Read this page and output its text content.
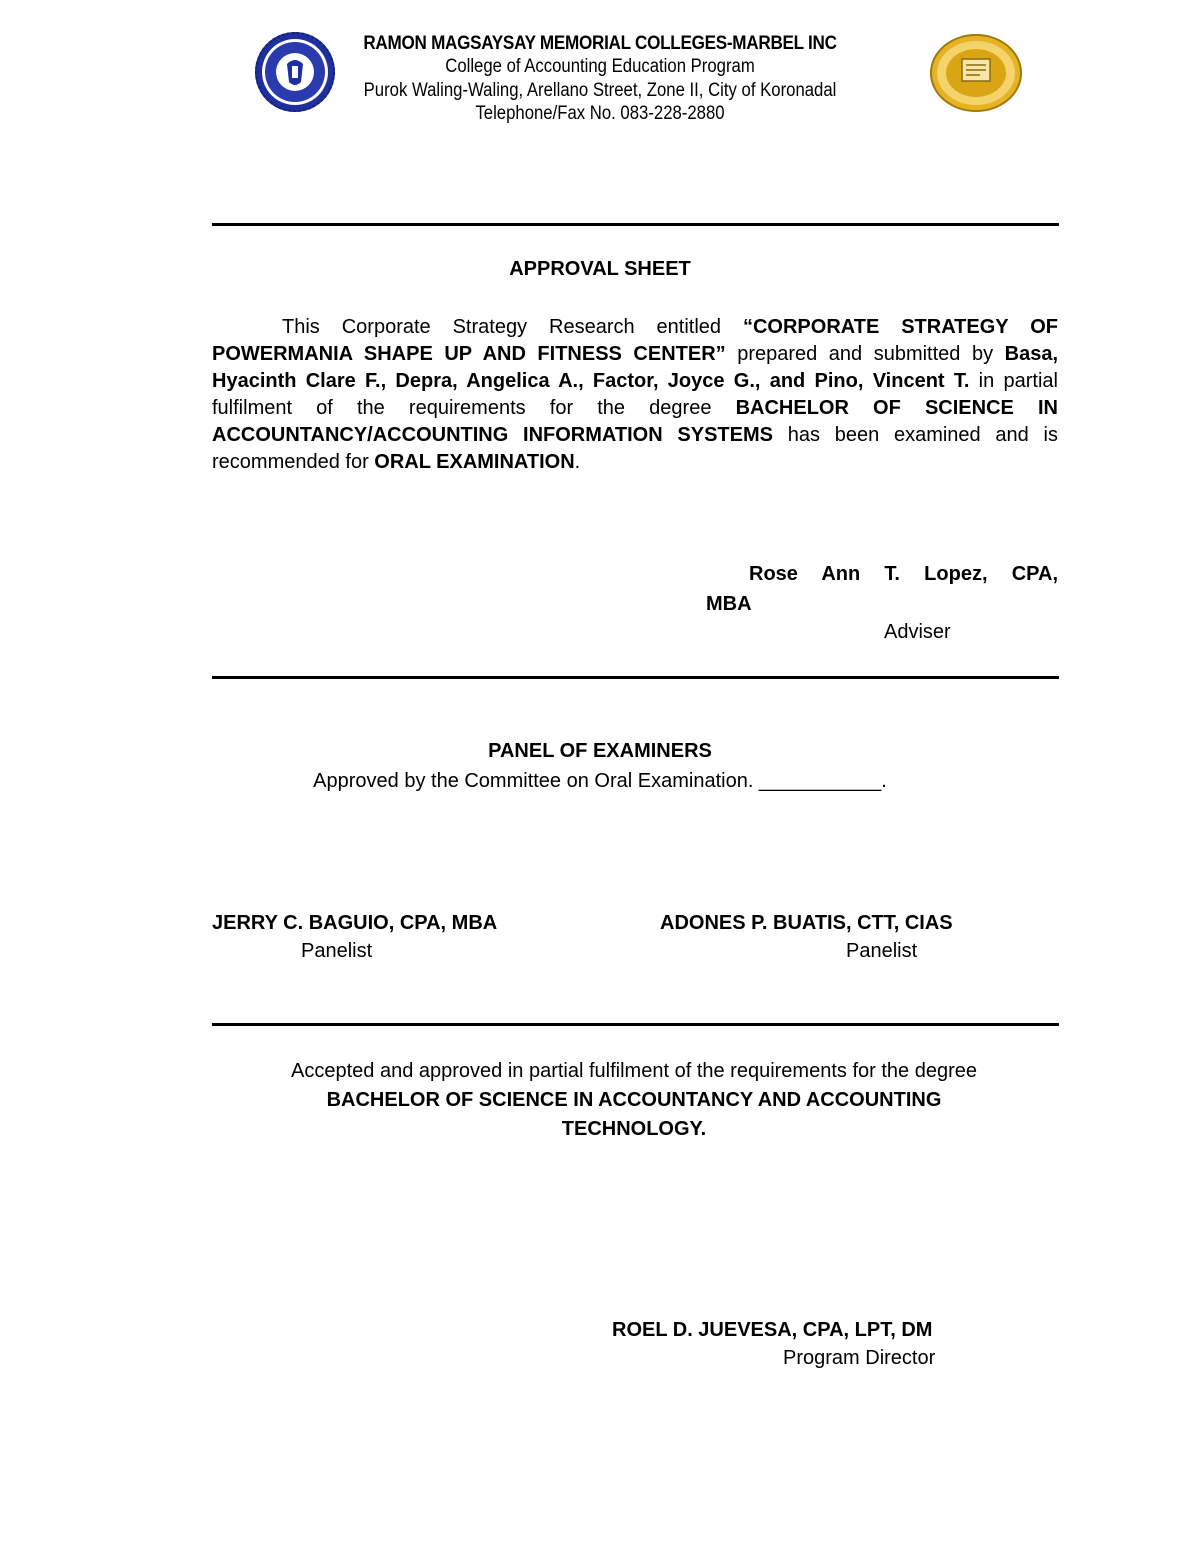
RAMON MAGSAYSAY MEMORIAL COLLEGES-MARBEL INC
College of Accounting Education Program
Purok Waling-Waling, Arellano Street, Zone II, City of Koronadal
Telephone/Fax No. 083-228-2880
APPROVAL SHEET
This Corporate Strategy Research entitled “CORPORATE STRATEGY OF POWERMANIA SHAPE UP AND FITNESS CENTER” prepared and submitted by Basa, Hyacinth Clare F., Depra, Angelica A., Factor, Joyce G., and Pino, Vincent T. in partial fulfilment of the requirements for the degree BACHELOR OF SCIENCE IN ACCOUNTANCY/ACCOUNTING INFORMATION SYSTEMS has been examined and is recommended for ORAL EXAMINATION.
Rose Ann T. Lopez, CPA,
MBA
Adviser
PANEL OF EXAMINERS
Approved by the Committee on Oral Examination. ___________.
JERRY C. BAGUIO, CPA, MBA
Panelist
ADONES P. BUATIS, CTT, CIAS
Panelist
Accepted and approved in partial fulfilment of the requirements for the degree
BACHELOR OF SCIENCE IN ACCOUNTANCY AND ACCOUNTING
TECHNOLOGY.
ROEL D. JUEVESA, CPA, LPT, DM
Program Director
